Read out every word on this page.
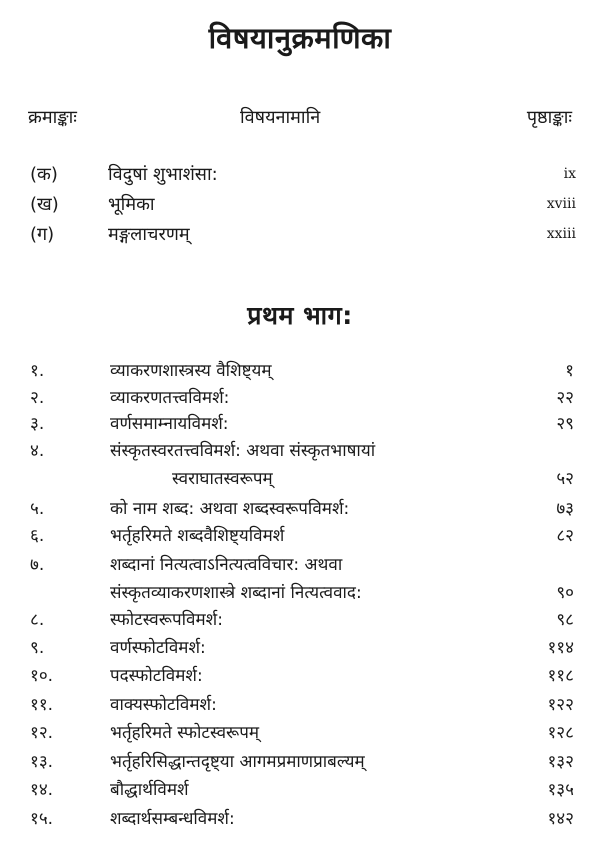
विषयानुक्रमणिका
क्रमाङ्काः	विषयनामानि	पृष्ठाङ्काः
(क)	विदुषां शुभाशंसा:	ix
(ख)	भूमिका	xviii
(ग)	मङ्गलाचरणम्	xxiii
प्रथम भाग:
१.	व्याकरणशास्त्रस्य वैशिष्ट्यम्	१
२.	व्याकरणतत्त्वविमर्श:	२२
३.	वर्णसमाम्नायविमर्श:	२९
४.	संस्कृतस्वरतत्त्वविमर्श: अथवा संस्कृतभाषायां
स्वराघातस्वरूपम्	५२
५.	को नाम शब्द: अथवा शब्दस्वरूपविमर्श:	७३
६.	भर्तृहरिमते शब्दवैशिष्ट्यविमर्श	८२
७.	शब्दानां नित्यत्वाऽनित्यत्वविचार: अथवा
संस्कृतव्याकरणशास्त्रे शब्दानां नित्यत्ववाद:	९०
८.	स्फोटस्वरूपविमर्श:	९८
९.	वर्णस्फोटविमर्श:	११४
१०.	पदस्फोटविमर्श:	११८
११.	वाक्यस्फोटविमर्श:	१२२
१२.	भर्तृहरिमते स्फोटस्वरूपम्	१२८
१३.	भर्तृहरिसिद्धान्तदृष्ट्या आगमप्रमाणप्राबल्यम्	१३२
१४.	बौद्धार्थविमर्श	१३५
१५.	शब्दार्थसम्बन्धविमर्श:	१४२
